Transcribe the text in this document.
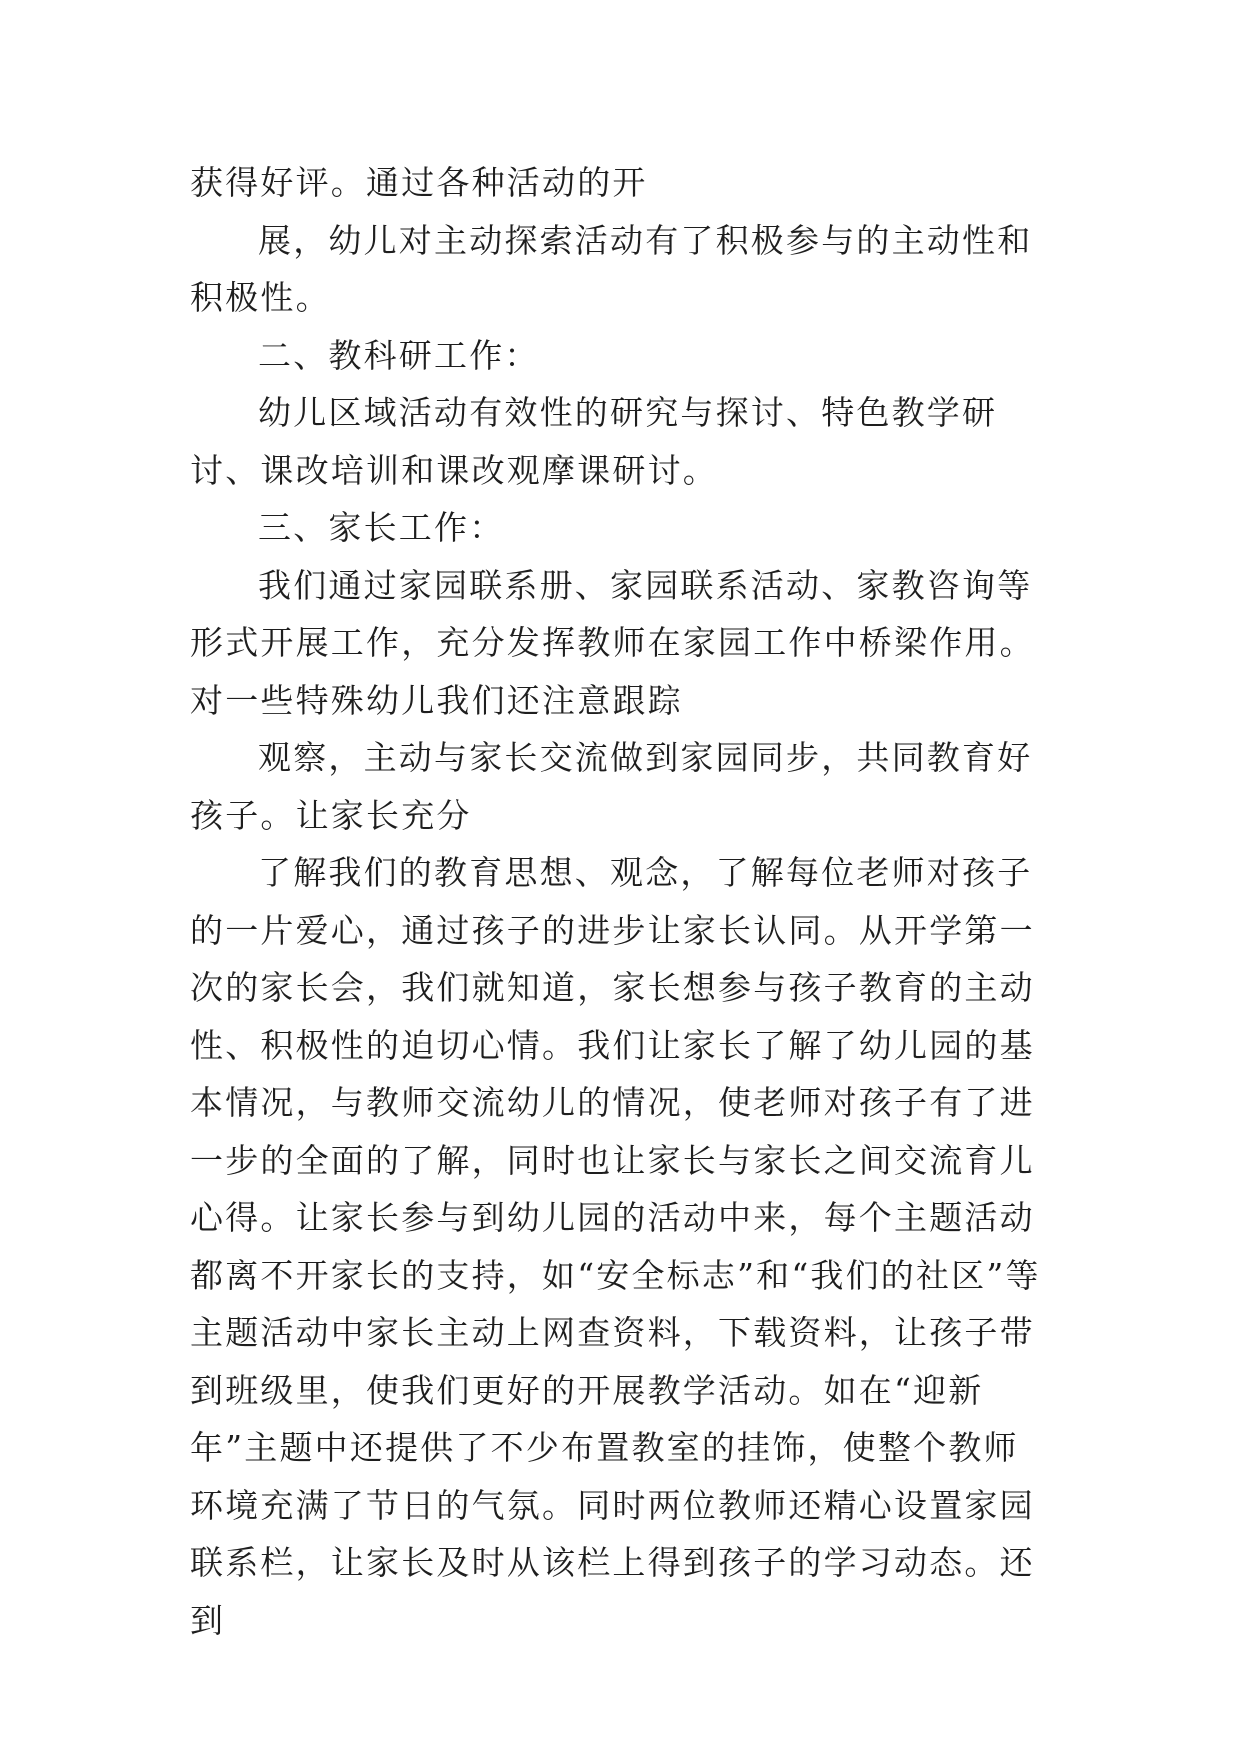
获得好评。通过各种活动的开

展，幼儿对主动探索活动有了积极参与的主动性和积极性。

二、教科研工作：

幼儿区域活动有效性的研究与探讨、特色教学研讨、课改培训和课改观摩课研讨。

三、家长工作：

我们通过家园联系册、家园联系活动、家教咨询等形式开展工作，充分发挥教师在家园工作中桥梁作用。对一些特殊幼儿我们还注意跟踪

观察，主动与家长交流做到家园同步，共同教育好孩子。让家长充分

了解我们的教育思想、观念，了解每位老师对孩子的一片爱心，通过孩子的进步让家长认同。从开学第一次的家长会，我们就知道，家长想参与孩子教育的主动性、积极性的迫切心情。我们让家长了解了幼儿园的基本情况，与教师交流幼儿的情况，使老师对孩子有了进一步的全面的了解，同时也让家长与家长之间交流育儿心得。让家长参与到幼儿园的活动中来，每个主题活动都离不开家长的支持，如“安全标志”和“我们的社区”等主题活动中家长主动上网查资料，下载资料，让孩子带到班级里，使我们更好的开展教学活动。如在“迎新年”主题中还提供了不少布置教室的挂饰，使整个教师环境充满了节日的气氛。同时两位教师还精心设置家园联系栏，让家长及时从该栏上得到孩子的学习动态。还到
